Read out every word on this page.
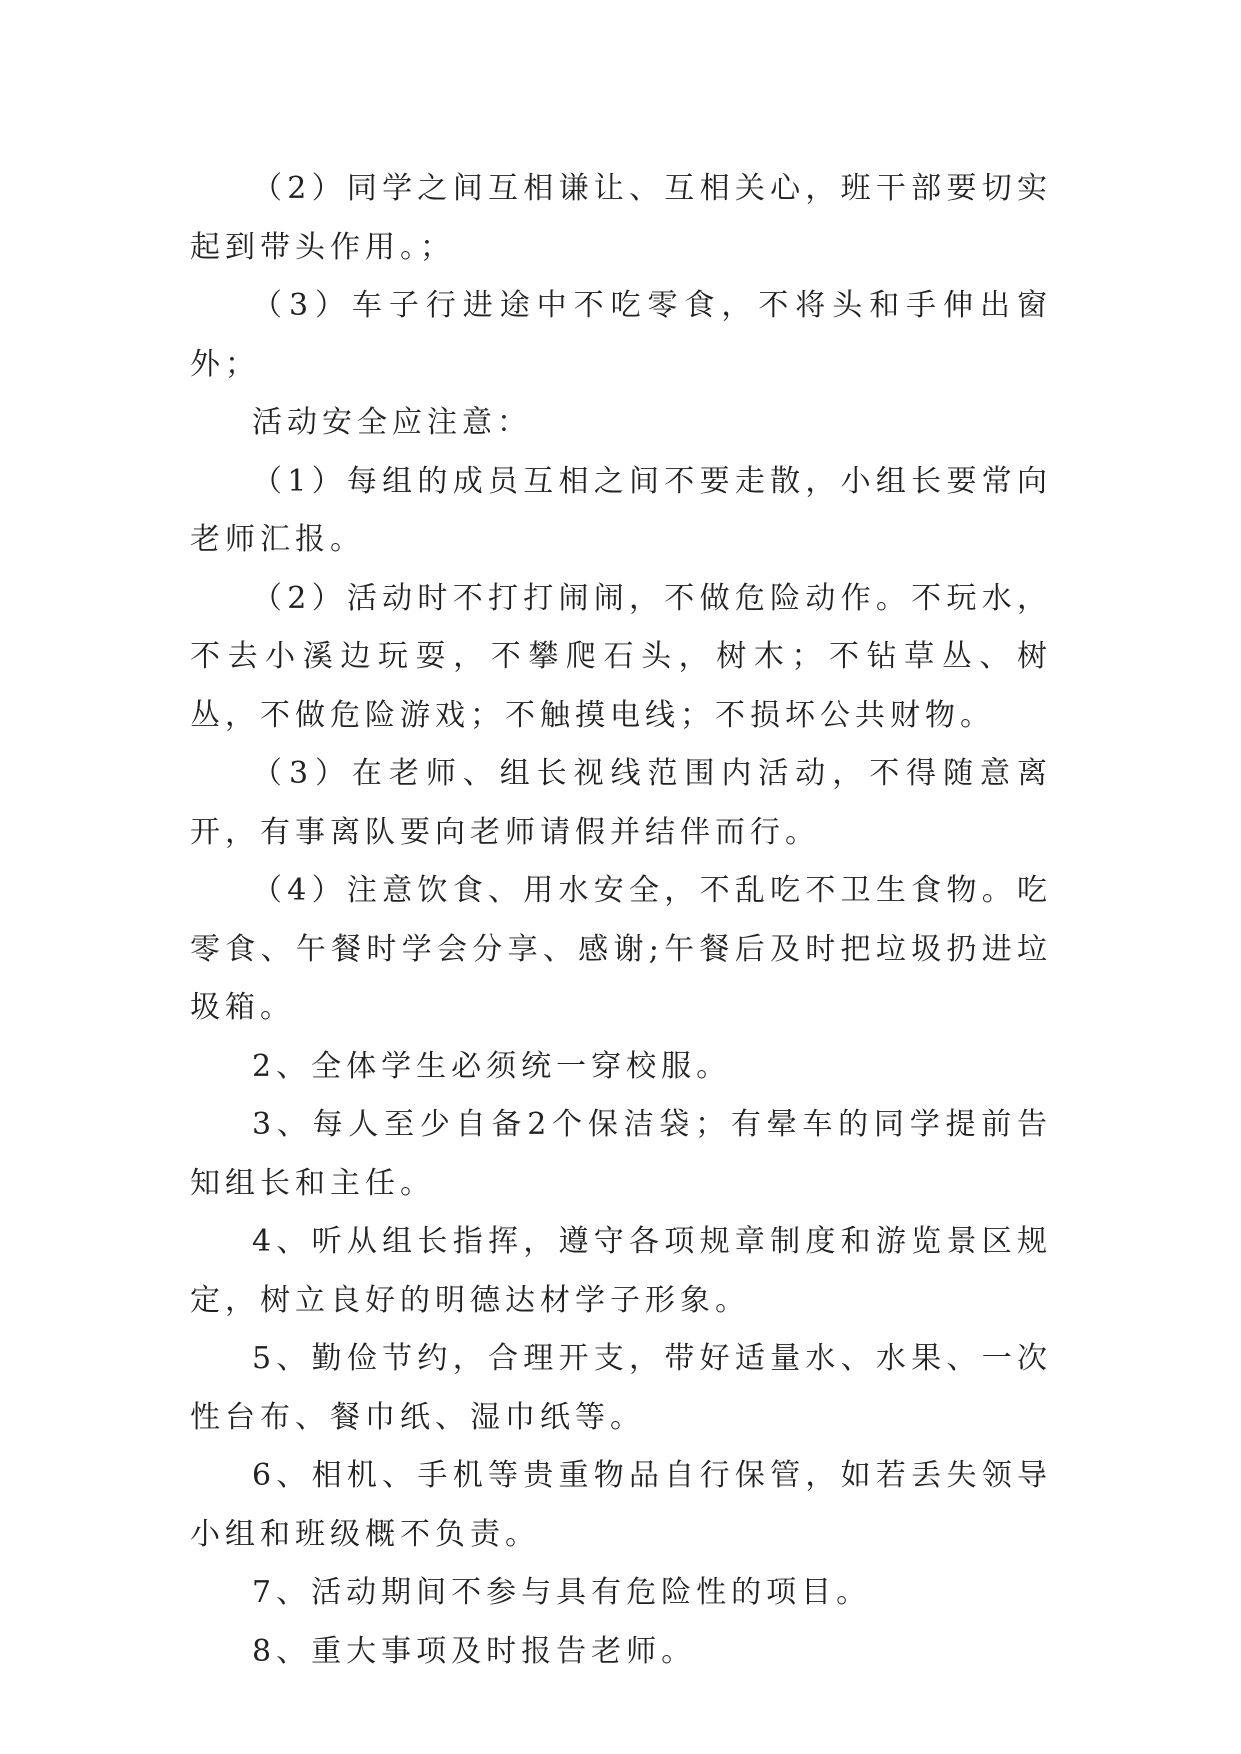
（2）同学之间互相谦让、互相关心，班干部要切实起到带头作用。；

（3）车子行进途中不吃零食，不将头和手伸出窗外；

活动安全应注意：

（1）每组的成员互相之间不要走散，小组长要常向老师汇报。

（2）活动时不打打闹闹，不做危险动作。不玩水，不去小溪边玩耍，不攀爬石头，树木；不钻草丛、树丛，不做危险游戏；不触摸电线；不损坏公共财物。

（3）在老师、组长视线范围内活动，不得随意离开，有事离队要向老师请假并结伴而行。

（4）注意饮食、用水安全，不乱吃不卫生食物。吃零食、午餐时学会分享、感谢;午餐后及时把垃圾扔进垃圾箱。

2、全体学生必须统一穿校服。

3、每人至少自备2个保洁袋；有晕车的同学提前告知组长和主任。

4、听从组长指挥，遵守各项规章制度和游览景区规定，树立良好的明德达材学子形象。

5、勤俭节约，合理开支，带好适量水、水果、一次性台布、餐巾纸、湿巾纸等。

6、相机、手机等贵重物品自行保管，如若丢失领导小组和班级概不负责。

7、活动期间不参与具有危险性的项目。

8、重大事项及时报告老师。
